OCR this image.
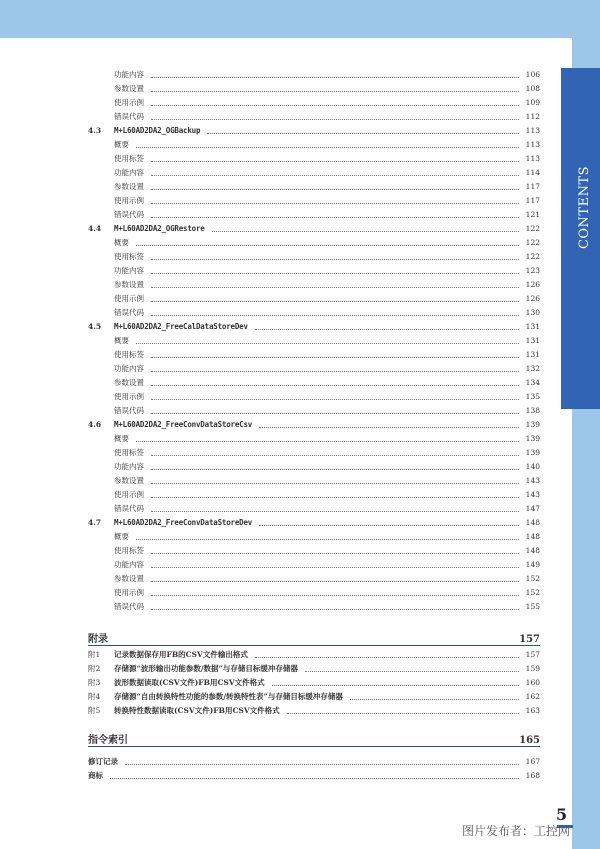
CONTENTS
功能内容	106
参数设置	108
使用示例	109
错误代码	112
4.3	M+L60AD2DA2_OGBackup	113
概要	113
使用标签	113
功能内容	114
参数设置	117
使用示例	117
错误代码	121
4.4	M+L60AD2DA2_OGRestore	122
概要	122
使用标签	122
功能内容	123
参数设置	126
使用示例	126
错误代码	130
4.5	M+L60AD2DA2_FreeCalDataStoreDev	131
概要	131
使用标签	131
功能内容	132
参数设置	134
使用示例	135
错误代码	138
4.6	M+L60AD2DA2_FreeConvDataStoreCsv	139
概要	139
使用标签	139
功能内容	140
参数设置	143
使用示例	143
错误代码	147
4.7	M+L60AD2DA2_FreeConvDataStoreDev	148
概要	148
使用标签	148
功能内容	149
参数设置	152
使用示例	152
错误代码	155
附录	157
附1	记录数据保存用FB的CSV文件输出格式	157
附2	存储源“波形输出功能参数/数据”与存储目标缓冲存储器	159
附3	波形数据读取(CSV文件)FB用CSV文件格式	160
附4	存储源“自由转换特性功能的参数/转换特性表”与存储目标缓冲存储器	162
附5	转换特性数据读取(CSV文件)FB用CSV文件格式	163
指令索引	165
修订记录	167
商标	168
5
图片发布者：工控网
